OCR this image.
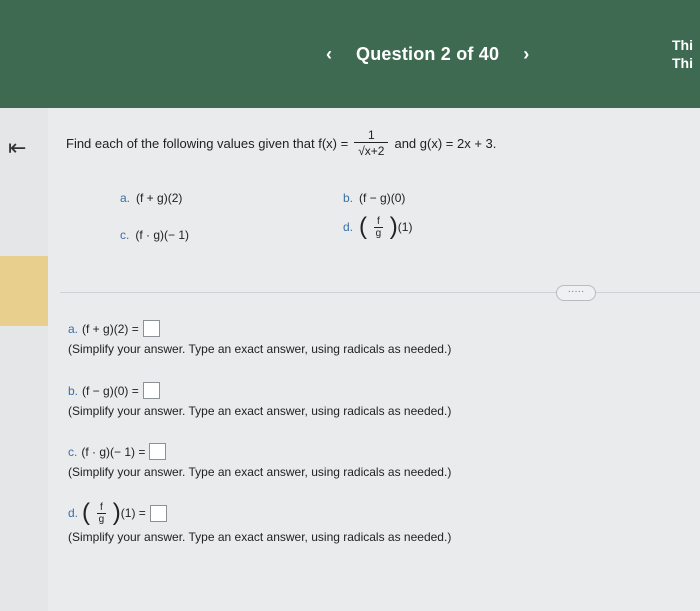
‹	Question 2 of 40	›	Thi
Thi
⇤	Find each of the following values given that $f(x) = \frac{1}{√x+2}$ and g(x) = 2x + 3.
a. (f + g)(2)	b. (f − g)(0)
c. (f · g)(− 1)
d. ( $\frac{f}{g}$ ) (1)
·····
a. (f + g)(2) =
(Simplify your answer. Type an exact answer, using radicals as needed.)
b. (f − g)(0) =
(Simplify your answer. Type an exact answer, using radicals as needed.)
c. (f · g)(− 1) =
(Simplify your answer. Type an exact answer, using radicals as needed.)
d. ( $\frac{f}{g}$ ) (1) =
(Simplify your answer. Type an exact answer, using radicals as needed.)
